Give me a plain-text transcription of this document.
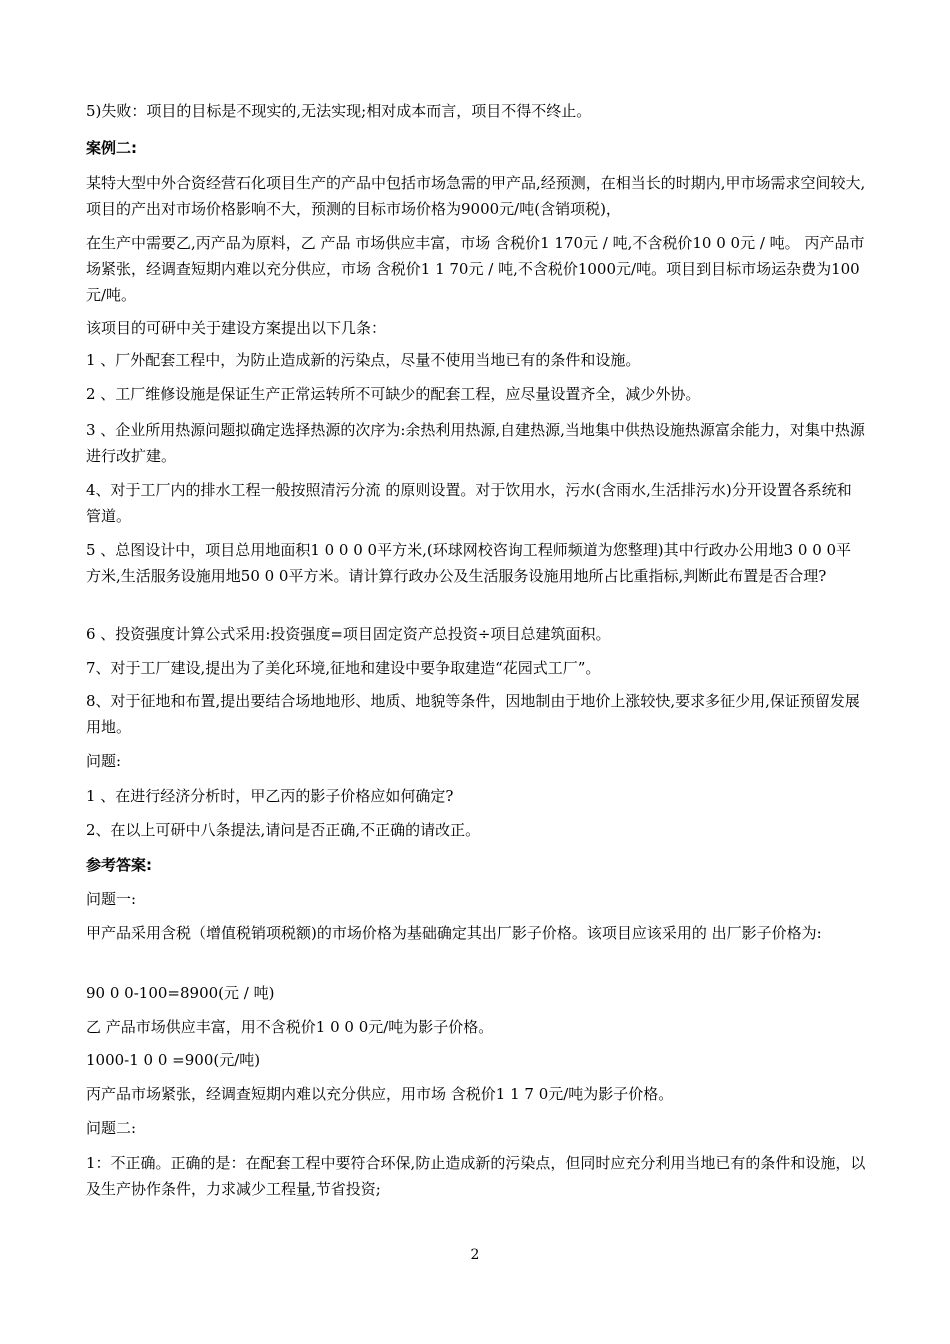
5)失败：项目的目标是不现实的,无法实现;相对成本而言，项目不得不终止。

案例二:

某特大型中外合资经营石化项目生产的产品中包括市场急需的甲产品,经预测，在相当长的时期内,甲市场需求空间较大,项目的产出对市场价格影响不大，预测的目标市场价格为9000元/吨(含销项税)，

在生产中需要乙,丙产品为原料，乙 产品 市场供应丰富，市场 含税价1 170元 / 吨,不含税价10 0 0元 / 吨。 丙产品市场紧张，经调查短期内难以充分供应，市场 含税价1 1 70元 / 吨,不含税价1000元/吨。项目到目标市场运杂费为100元/吨。

该项目的可研中关于建设方案提出以下几条：

1 、厂外配套工程中，为防止造成新的污染点，尽量不使用当地已有的条件和设施。

2 、工厂维修设施是保证生产正常运转所不可缺少的配套工程，应尽量设置齐全，减少外协。

3 、企业所用热源问题拟确定选择热源的次序为:余热利用热源,自建热源,当地集中供热设施热源富余能力，对集中热源进行改扩建。

4、对于工厂内的排水工程一般按照清污分流 的原则设置。对于饮用水，污水(含雨水,生活排污水)分开设置各系统和管道。

5 、总图设计中，项目总用地面积1 0 0 0 0平方米,(环球网校咨询工程师频道为您整理)其中行政办公用地3 0 0 0平方米,生活服务设施用地50 0 0平方米。请计算行政办公及生活服务设施用地所占比重指标,判断此布置是否合理?

6 、投资强度计算公式采用:投资强度=项目固定资产总投资÷项目总建筑面积。

7、对于工厂建设,提出为了美化环境,征地和建设中要争取建造“花园式工厂”。

8、对于征地和布置,提出要结合场地地形、地质、地貌等条件，因地制由于地价上涨较快,要求多征少用,保证预留发展用地。

问题:

1 、在进行经济分析时，甲乙丙的影子价格应如何确定?

2、在以上可研中八条提法,请问是否正确,不正确的请改正。

参考答案:

问题一:

甲产品采用含税（增值税销项税额)的市场价格为基础确定其出厂影子价格。该项目应该采用的 出厂影子价格为:

90 0 0-100=8900(元 / 吨)

乙 产品市场供应丰富，用不含税价1 0 0 0元/吨为影子价格。

1000-1 0 0 =900(元/吨)

丙产品市场紧张，经调查短期内难以充分供应，用市场 含税价1 1 7 0元/吨为影子价格。

问题二:

1：不正确。正确的是：在配套工程中要符合环保,防止造成新的污染点，但同时应充分利用当地已有的条件和设施，以及生产协作条件，力求减少工程量,节省投资;

2
